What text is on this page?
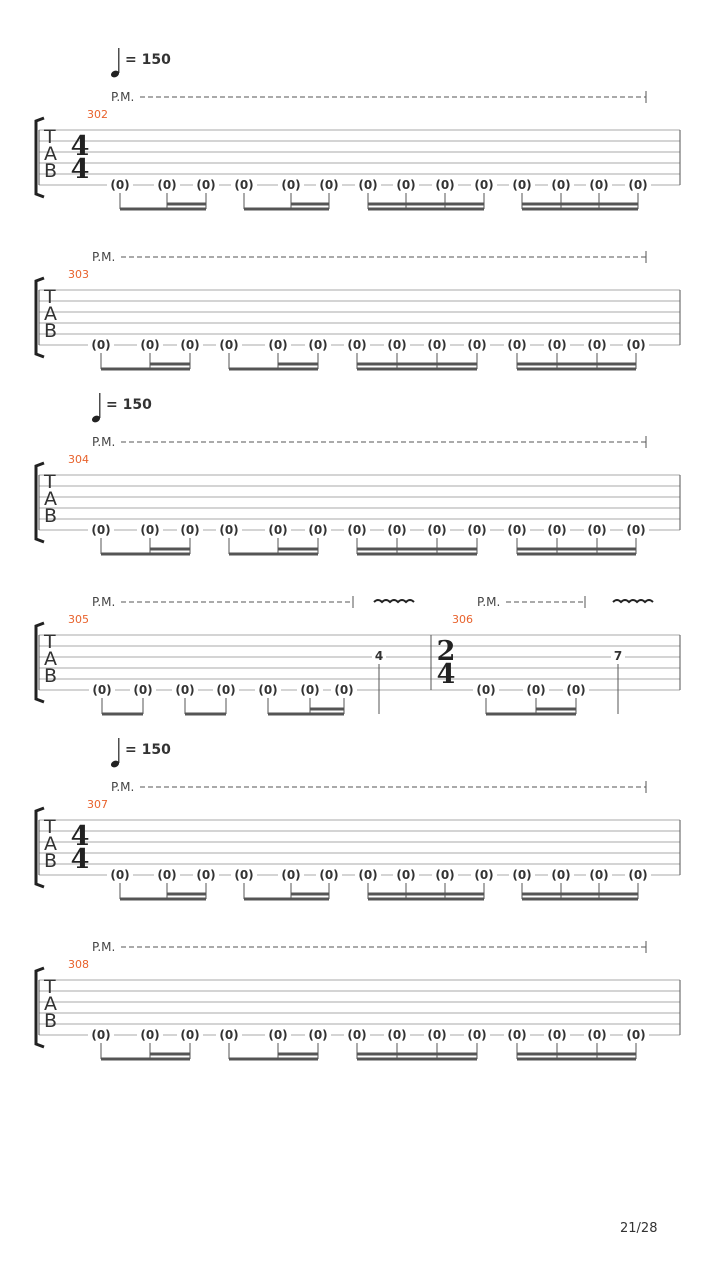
T
A
B
= 150
4
4
P.M.
302
(0) (0) (0) (0) (0) (0) (0) (0) (0) (0) (0) (0) (0) (0)
T
A
B
P.M.
303
(0) (0) (0) (0) (0) (0) (0) (0) (0) (0) (0) (0) (0) (0)
T
A
B
= 150
P.M.
304
(0) (0) (0) (0) (0) (0) (0) (0) (0) (0) (0) (0) (0) (0)
T
A
B
P.M.	P.M.
305	306
2
4
(0) (0) (0) (0) (0) (0) (0)	(0)	(0) (0)
4	7
T
A
B
= 150
4
4
P.M.
307
(0) (0) (0) (0) (0) (0) (0) (0) (0) (0) (0) (0) (0) (0)
T
A
B
P.M.
308
(0) (0) (0) (0) (0) (0) (0) (0) (0) (0) (0) (0) (0) (0)
21/28
